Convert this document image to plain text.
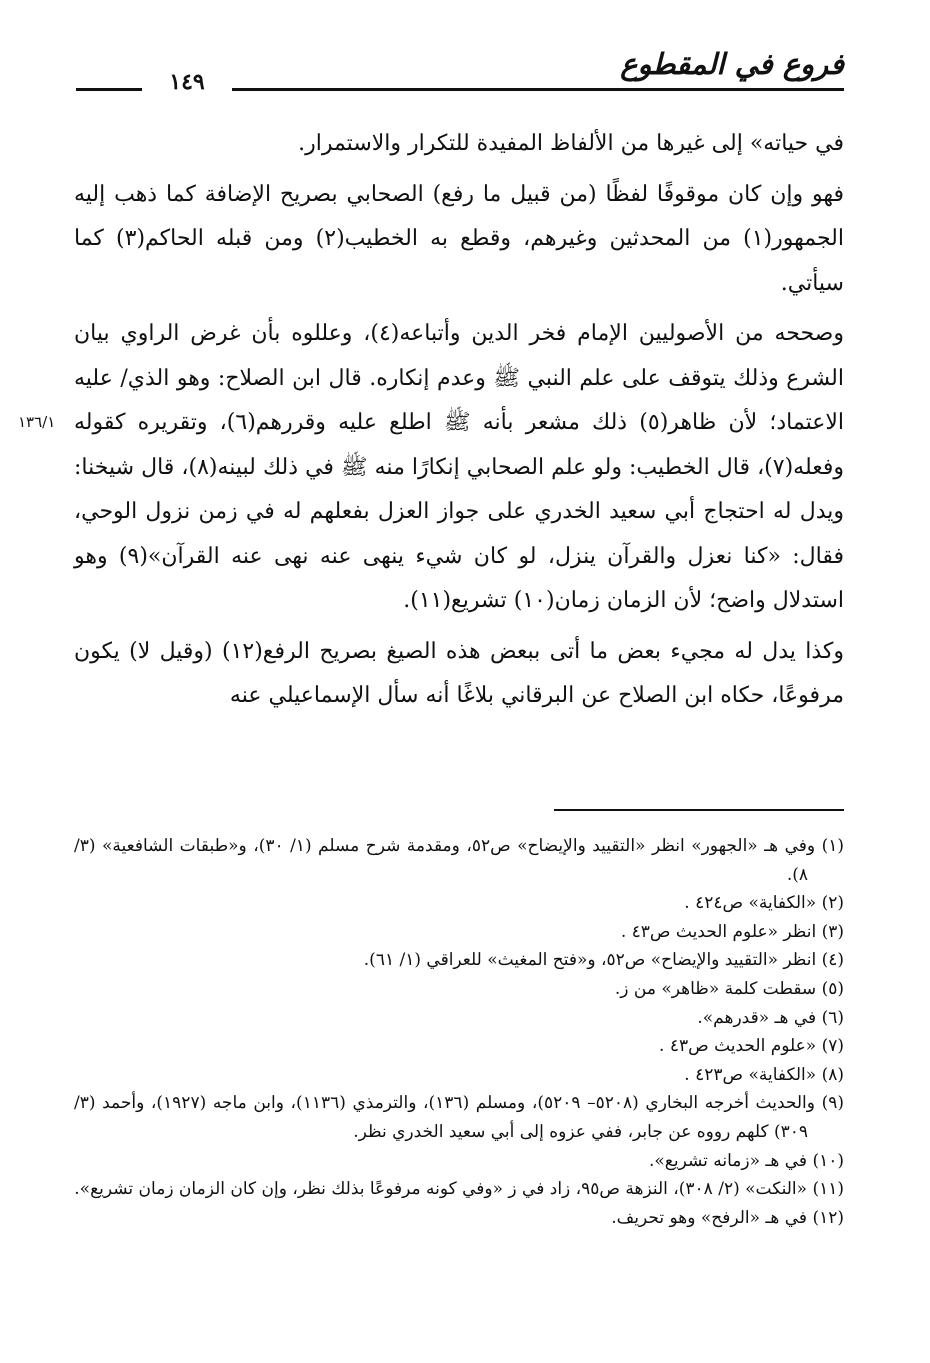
فروع في المقطوع
١٤٩
١٣٦/١

في حياته» إلى غيرها من الألفاظ المفيدة للتكرار والاستمرار.

فهو وإن كان موقوفًا لفظًا (من قبيل ما رفع) الصحابي بصريح الإضافة كما ذهب إليه الجمهور(١) من المحدثين وغيرهم، وقطع به الخطيب(٢) ومن قبله الحاكم(٣) كما سيأتي.

وصححه من الأصوليين الإمام فخر الدين وأتباعه(٤)، وعللوه بأن غرض الراوي بيان الشرع وذلك يتوقف على علم النبي ﷺ وعدم إنكاره. قال ابن الصلاح: وهو الذي/ عليه الاعتماد؛ لأن ظاهر(٥) ذلك مشعر بأنه ﷺ اطلع عليه وقررهم(٦)، وتقريره كقوله وفعله(٧)، قال الخطيب: ولو علم الصحابي إنكارًا منه ﷺ في ذلك لبينه(٨)، قال شيخنا: ويدل له احتجاج أبي سعيد الخدري على جواز العزل بفعلهم له في زمن نزول الوحي، فقال: «كنا نعزل والقرآن ينزل، لو كان شيء ينهى عنه نهى عنه القرآن»(٩) وهو استدلال واضح؛ لأن الزمان زمان(١٠) تشريع(١١).

وكذا يدل له مجيء بعض ما أتى ببعض هذه الصيغ بصريح الرفع(١٢) (وقيل لا) يكون مرفوعًا، حكاه ابن الصلاح عن البرقاني بلاغًا أنه سأل الإسماعيلي عنه

(١) وفي هـ «الجهور» انظر «التقييد والإيضاح» ص٥٢، ومقدمة شرح مسلم (١/ ٣٠)، و«طبقات الشافعية» (٣/ ٨).

(٢) «الكفاية» ص٤٢٤ .

(٣) انظر «علوم الحديث ص٤٣ .

(٤) انظر «التقييد والإيضاح» ص٥٢، و«فتح المغيث» للعراقي (١/ ٦١).

(٥) سقطت كلمة «ظاهر» من ز.

(٦) في هـ «قدرهم».

(٧) «علوم الحديث ص٤٣ .

(٨) «الكفاية» ص٤٢٣ .

(٩) والحديث أخرجه البخاري (٥٢٠٨– ٥٢٠٩)، ومسلم (١٣٦)، والترمذي (١١٣٦)، وابن ماجه (١٩٢٧)، وأحمد (٣/ ٣٠٩) كلهم رووه عن جابر، ففي عزوه إلى أبي سعيد الخدري نظر.

(١٠) في هـ «زمانه تشريع».

(١١) «النكت» (٢/ ٣٠٨)، النزهة ص٩٥، زاد في ز «وفي كونه مرفوعًا بذلك نظر، وإن كان الزمان زمان تشريع».

(١٢) في هـ «الرفح» وهو تحريف.
